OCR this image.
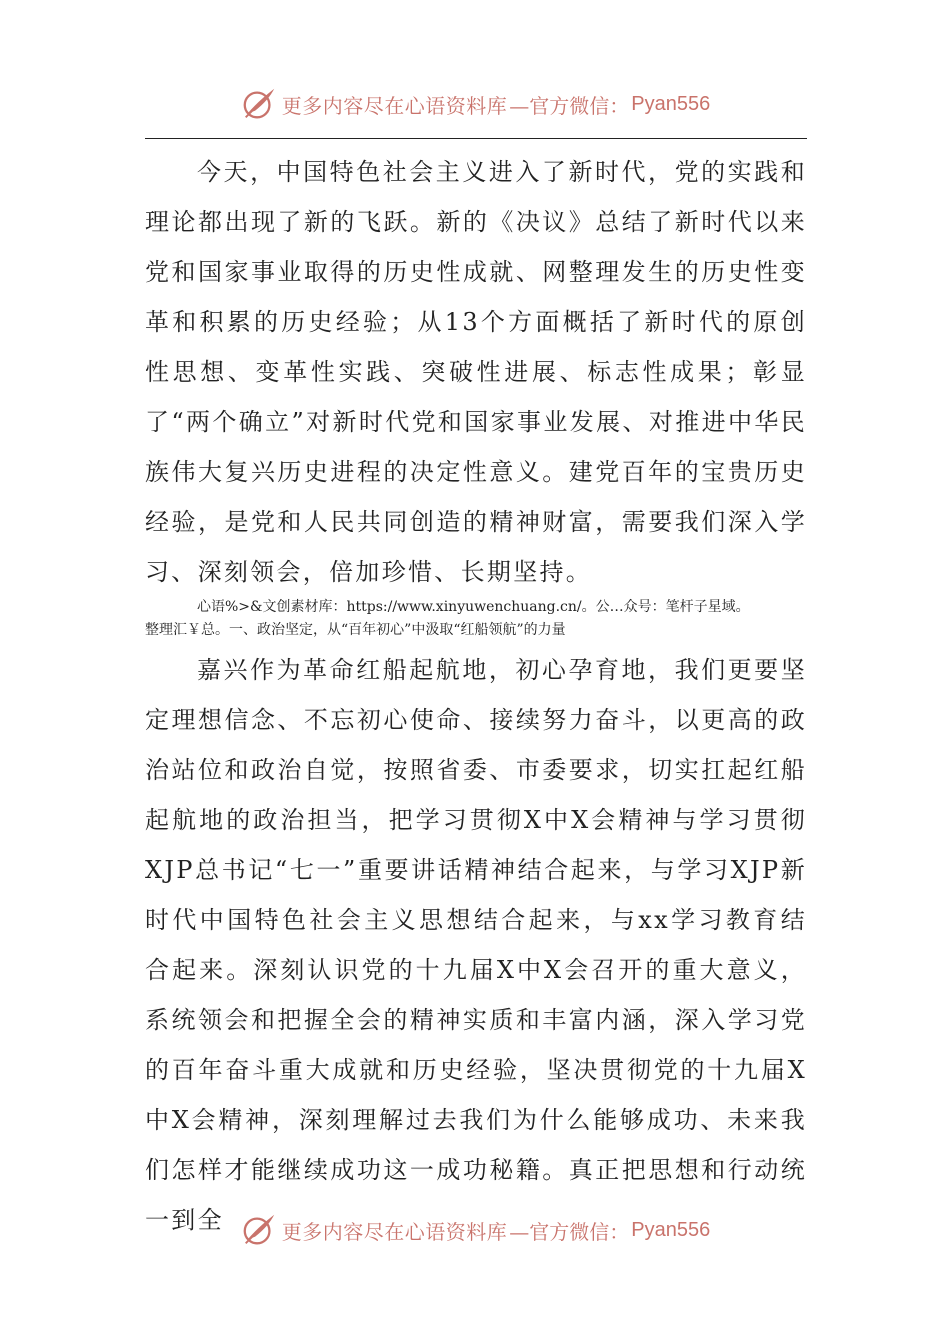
更多内容尽在心语资料库 —官方微信： Pyan556

今天，中国特色社会主义进入了新时代，党的实践和理论都出现了新的飞跃。新的《决议》总结了新时代以来党和国家事业取得的历史性成就、网整理发生的历史性变革和积累的历史经验；从13个方面概括了新时代的原创性思想、变革性实践、突破性进展、标志性成果；彰显了“两个确立”对新时代党和国家事业发展、对推进中华民族伟大复兴历史进程的决定性意义。建党百年的宝贵历史经验，是党和人民共同创造的精神财富，需要我们深入学习、深刻领会，倍加珍惜、长期坚持。

心语%>&文创素材库：https://www.xinyuwenchuang.cn/。公…众号：笔杆子星域。
整理汇￥总。一、政治坚定，从“百年初心”中汲取“红船领航”的力量

嘉兴作为革命红船起航地，初心孕育地，我们更要坚定理想信念、不忘初心使命、接续努力奋斗，以更高的政治站位和政治自觉，按照省委、市委要求，切实扛起红船起航地的政治担当，把学习贯彻X中X会精神与学习贯彻XJP总书记“七一”重要讲话精神结合起来，与学习XJP新时代中国特色社会主义思想结合起来，与xx学习教育结合起来。深刻认识党的十九届X中X会召开的重大意义，系统领会和把握全会的精神实质和丰富内涵，深入学习党的百年奋斗重大成就和历史经验，坚决贯彻党的十九届X中X会精神，深刻理解过去我们为什么能够成功、未来我们怎样才能继续成功这一成功秘籍。真正把思想和行动统一到全	更多内容尽在心语资料库 —官方微信： Pyan556
